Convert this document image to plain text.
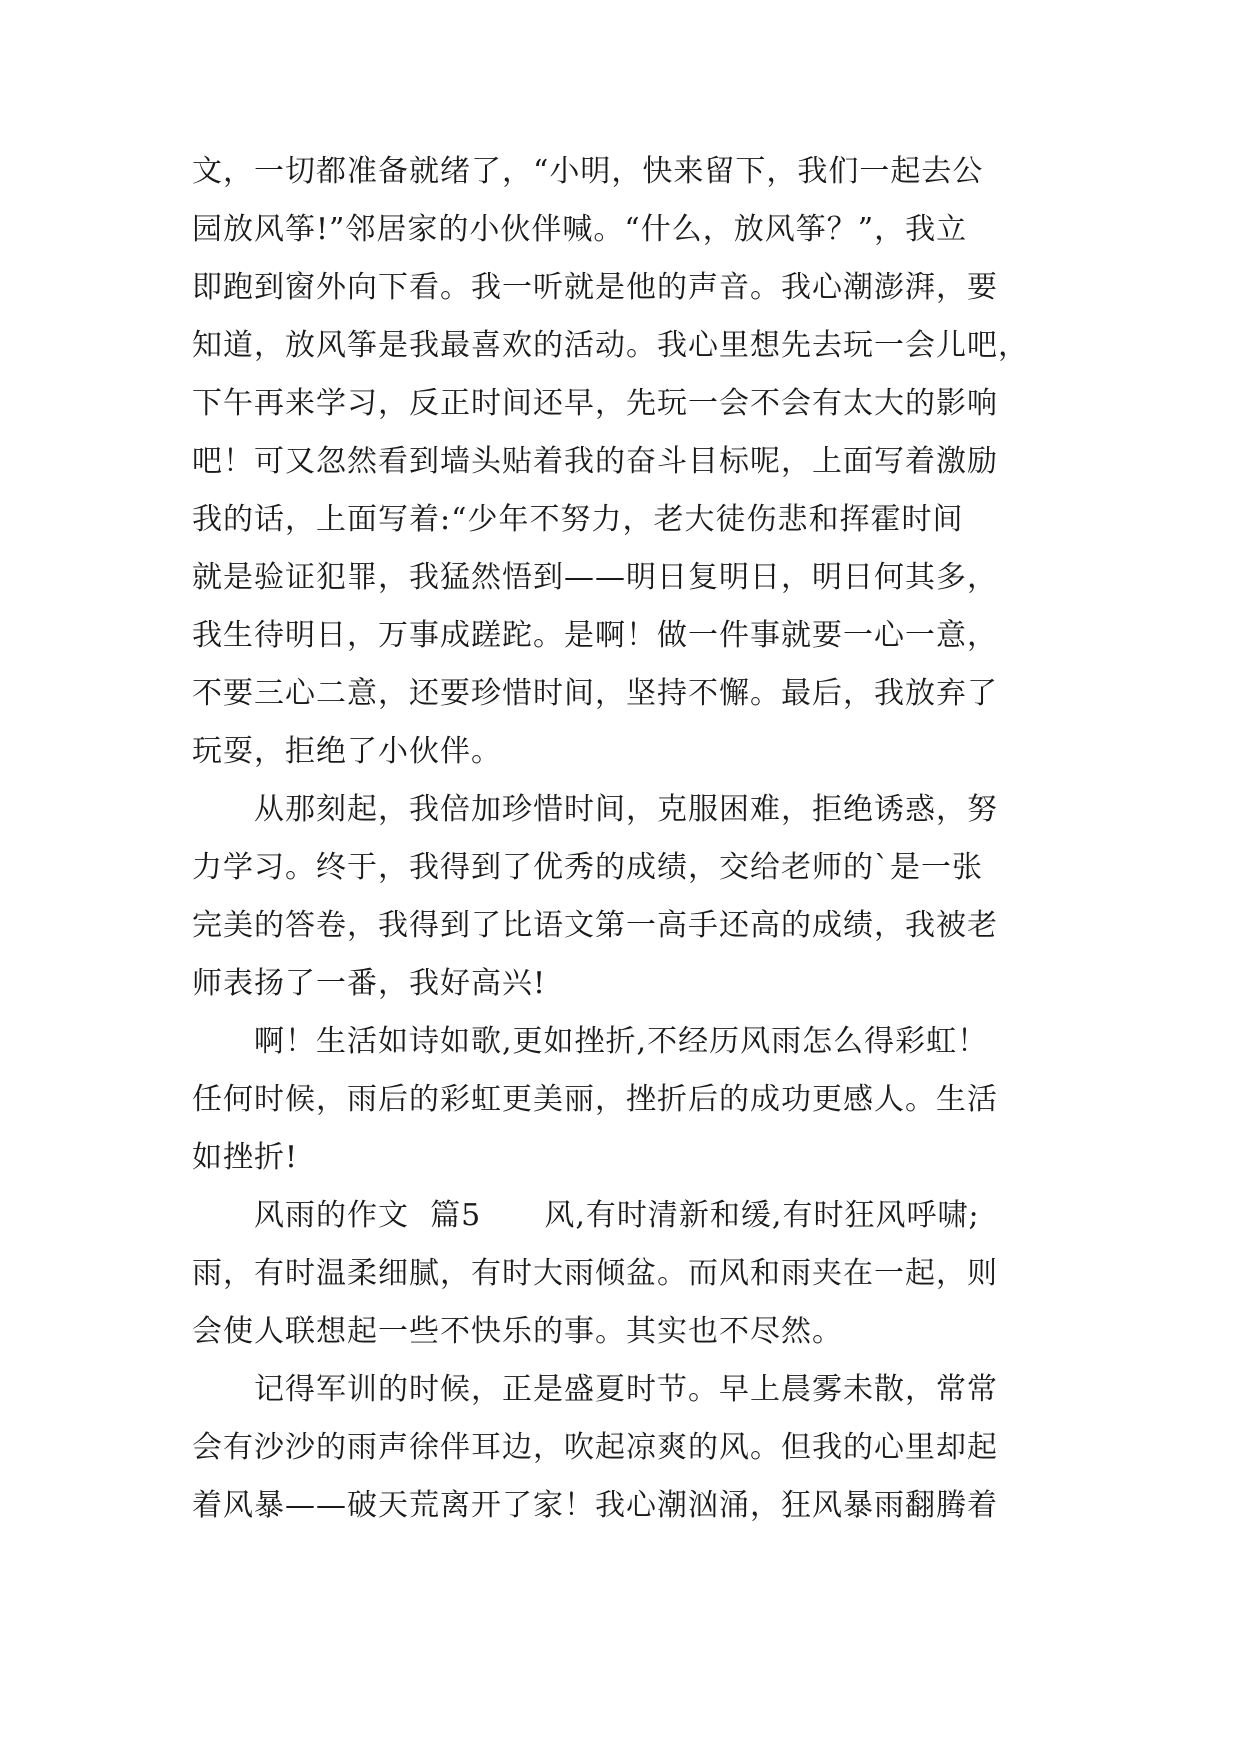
文，一切都准备就绪了，“小明，快来留下，我们一起去公
园放风筝!”邻居家的小伙伴喊。“什么，放风筝？”，我立
即跑到窗外向下看。我一听就是他的声音。我心潮澎湃，要
知道，放风筝是我最喜欢的活动。我心里想先去玩一会儿吧，
下午再来学习，反正时间还早，先玩一会不会有太大的影响
吧！可又忽然看到墙头贴着我的奋斗目标呢，上面写着激励
我的话，上面写着:“少年不努力，老大徒伤悲和挥霍时间
就是验证犯罪，我猛然悟到——明日复明日，明日何其多，
我生待明日，万事成蹉跎。是啊！做一件事就要一心一意，
不要三心二意，还要珍惜时间，坚持不懈。最后，我放弃了
玩耍，拒绝了小伙伴。
从那刻起，我倍加珍惜时间，克服困难，拒绝诱惑，努
力学习。终于，我得到了优秀的成绩，交给老师的`是一张
完美的答卷，我得到了比语文第一高手还高的成绩，我被老
师表扬了一番，我好高兴!
啊！生活如诗如歌,更如挫折,不经历风雨怎么得彩虹！
任何时候，雨后的彩虹更美丽，挫折后的成功更感人。生活
如挫折!
风雨的作文  篇5      风,有时清新和缓,有时狂风呼啸;
雨，有时温柔细腻，有时大雨倾盆。而风和雨夹在一起，则
会使人联想起一些不快乐的事。其实也不尽然。
记得军训的时候，正是盛夏时节。早上晨雾未散，常常
会有沙沙的雨声徐伴耳边，吹起凉爽的风。但我的心里却起
着风暴——破天荒离开了家！我心潮汹涌，狂风暴雨翻腾着
